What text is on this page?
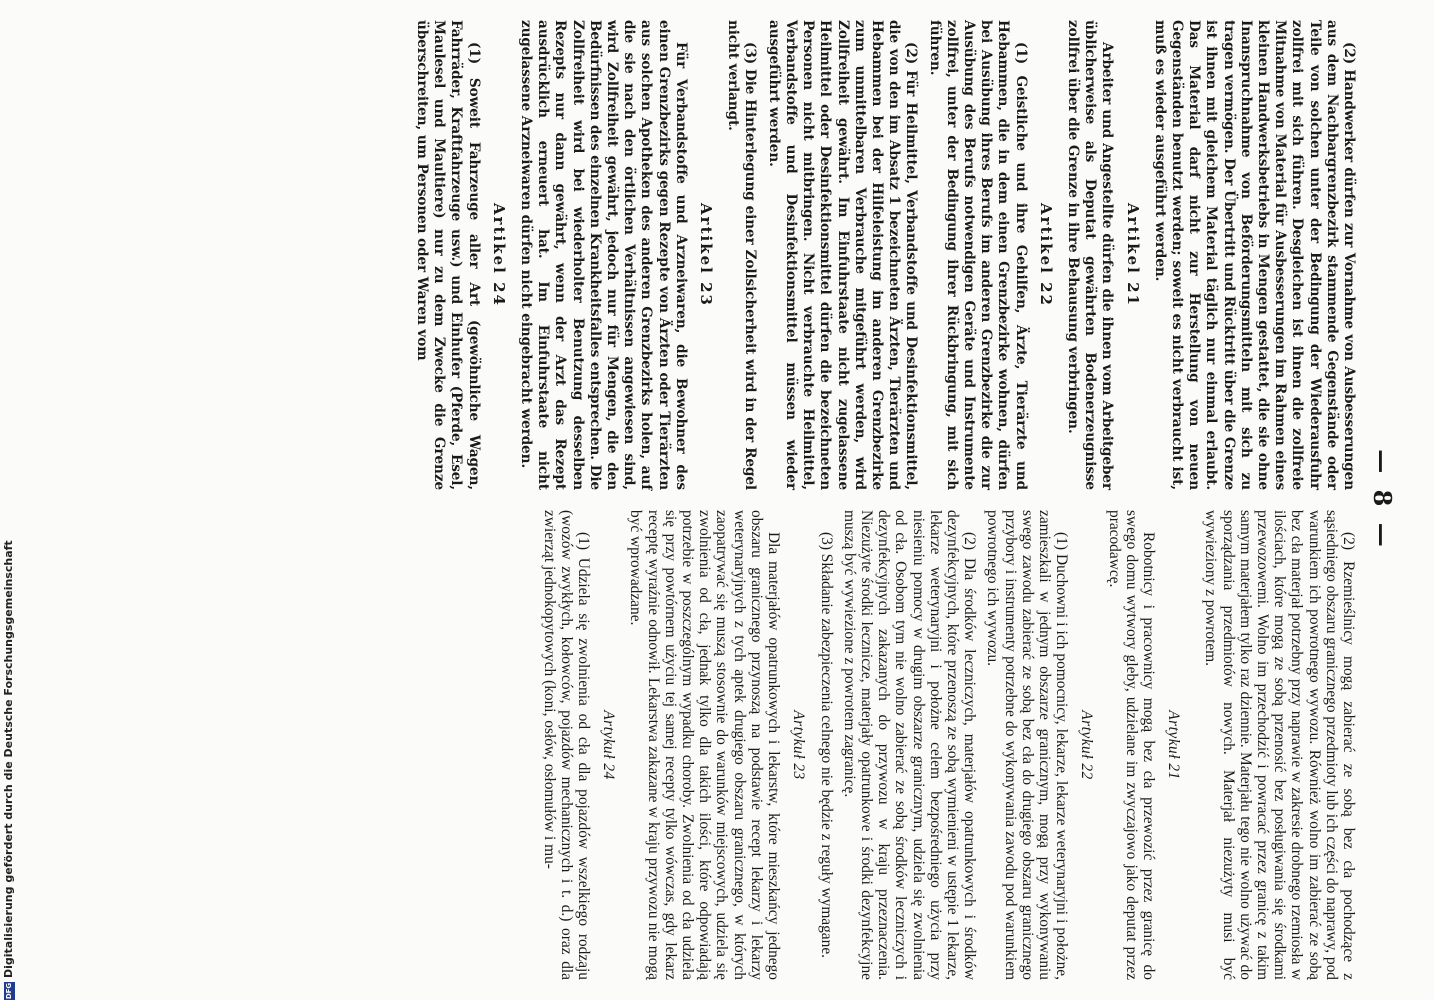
DFGDigitalisierung gefördert durch die Deutsche Forschungsgemeinschaft
— 8 —

(2) Handwerker dürfen zur Vornahme von Ausbesserungen aus dem Nachbargrenzbezirk stammende Gegenstände oder Teile von solchen unter der Bedingung der Wiederausfuhr zollfrei mit sich führen. Desgleichen ist ihnen die zollfreie Mitnahme von Material für Ausbesserungen im Rahmen eines kleinen Handwerksbetriebs in Mengen gestattet, die sie ohne Inanspruchnahme von Beförderungsmitteln mit sich zu tragen vermögen. Der Übertritt und Rücktritt über die Grenze ist ihnen mit gleichem Material täglich nur einmal erlaubt. Das Material darf nicht zur Herstellung von neuen Gegenständen benutzt werden; soweit es nicht verbraucht ist, muß es wieder ausgeführt werden.

Artikel 21

Arbeiter und Angestellte dürfen die ihnen vom Arbeitgeber üblicherweise als Deputat gewährten Bodenerzeugnisse zollfrei über die Grenze in ihre Behausung verbringen.

Artikel 22

(1) Geistliche und ihre Gehilfen, Ärzte, Tierärzte und Hebammen, die in dem einen Grenzbezirke wohnen, dürfen bei Ausübung ihres Berufs im anderen Grenzbezirke die zur Ausübung des Berufs notwendigen Geräte und Instrumente zollfrei, unter der Bedingung ihrer Rückbringung, mit sich führen.

(2) Für Heilmittel, Verbandstoffe und Desinfektionsmittel, die von den im Absatz 1 bezeichneten Ärzten, Tierärzten und Hebammen bei der Hilfeleistung im anderen Grenzbezirke zum unmittelbaren Verbrauche mitgeführt werden, wird Zollfreiheit gewährt. Im Einfuhrstaate nicht zugelassene Heilmittel oder Desinfektionsmittel dürfen die bezeichneten Personen nicht mitbringen. Nicht verbrauchte Heilmittel, Verbandstoffe und Desinfektionsmittel müssen wieder ausgeführt werden.

(3) Die Hinterlegung einer Zollsicherheit wird in der Regel nicht verlangt.

Artikel 23

Für Verbandstoffe und Arzneiwaren, die Bewohner des einen Grenzbezirks gegen Rezepte von Ärzten oder Tierärzten aus solchen Apotheken des anderen Grenzbezirks holen, auf die sie nach den örtlichen Verhältnissen angewiesen sind, wird Zollfreiheit gewährt, jedoch nur für Mengen, die den Bedürfnissen des einzelnen Krankheitsfalles entsprechen. Die Zollfreiheit wird bei wiederholter Benutzung desselben Rezepts nur dann gewährt, wenn der Arzt das Rezept ausdrücklich erneuert hat. Im Einfuhrstaate nicht zugelassene Arzneiwaren dürfen nicht eingebracht werden.

Artikel 24

(1) Soweit Fahrzeuge aller Art (gewöhnliche Wagen, Fahrräder, Kraftfahrzeuge usw.) und Einhufer (Pferde, Esel, Maulesel und Maultiere) nur zu dem Zwecke die Grenze überschreiten, um Personen oder Waren vom

(2) Rzemieślnicy mogą zabierać ze sobą bez cła pochodzące z sąsiedniego obszaru granicznego przedmioty lub ich części do naprawy, pod warunkiem ich powrotnego wywozu. Również wolno im zabierać ze sobą bez cła materjał potrzebny przy naprawie w zakresie drobnego rzemiosła w ilościach, które mogą ze sobą przenosić bez posługiwania się środkami przewozowemi. Wolno im przechodzić i powracać przez granicę z takim samym materjałem tylko raz dziennie. Materjału tego nie wolno używać do sporządzania przedmiotów nowych. Materjał niezużyty musi być wywieziony z powrotem.

Artykuł 21

Robotnicy i pracownicy mogą bez cła przewozić przez granicę do swego domu wytwory gleby, udzielane im zwyczajowo jako deputat przez pracodawcę.

Artykuł 22

(1) Duchowni i ich pomocnicy, lekarze, lekarze weterynaryjni i położne, zamieszkali w jednym obszarze granicznym, mogą przy wykonywaniu swego zawodu zabierać ze sobą bez cła do drugiego obszaru granicznego przybory i instrumenty potrzebne do wykonywania zawodu pod warunkiem powrotnego ich wywozu.

(2) Dla środków leczniczych, materjałów opatrunkowych i środków dezynfekcyjnych, które przenoszą ze sobą wymienieni w ustępie 1 lekarze, lekarze weterynaryjni i położne celem bezpośredniego użycia przy niesieniu pomocy w drugim obszarze granicznym, udziela się zwolnienia od cła. Osobom tym nie wolno zabierać ze sobą środków leczniczych i dezynfekcyjnych zakazanych do przywozu w kraju przeznaczenia. Niezużyte środki lecznicze, materjały opatrunkowe i środki dezynfekcyjne muszą być wywiezione z powrotem zagranicę.

(3) Składanie zabezpieczenia celnego nie będzie z reguły wymagane.

Artykuł 23

Dla materjałów opatrunkowych i lekarstw, które mieszkańcy jednego obszaru granicznego przynoszą na podstawie recept lekarzy i lekarzy weterynaryjnych z tych aptek drugiego obszaru granicznego, w których zaopatrywać się muszą stosownie do warunków miejscowych, udziela się zwolnienia od cła, jednak tylko dla takich ilości, które odpowiadają potrzebie w poszczególnym wypadku choroby. Zwolnienia od cła udziela się przy powtórnem użyciu tej samej recepty tylko wówczas, gdy lekarz receptę wyraźnie odnowił. Lekarstwa zakazane w kraju przywozu nie mogą być wprowadzane.

Artykuł 24

(1) Udziela się zwolnienia od cła dla pojazdów wszelkiego rodzaju (wozów zwykłych, kołowców, pojazdów mechanicznych i t. d.) oraz dla zwierząt jednokopytowych (koni, osłów, osłomułów i mu-
